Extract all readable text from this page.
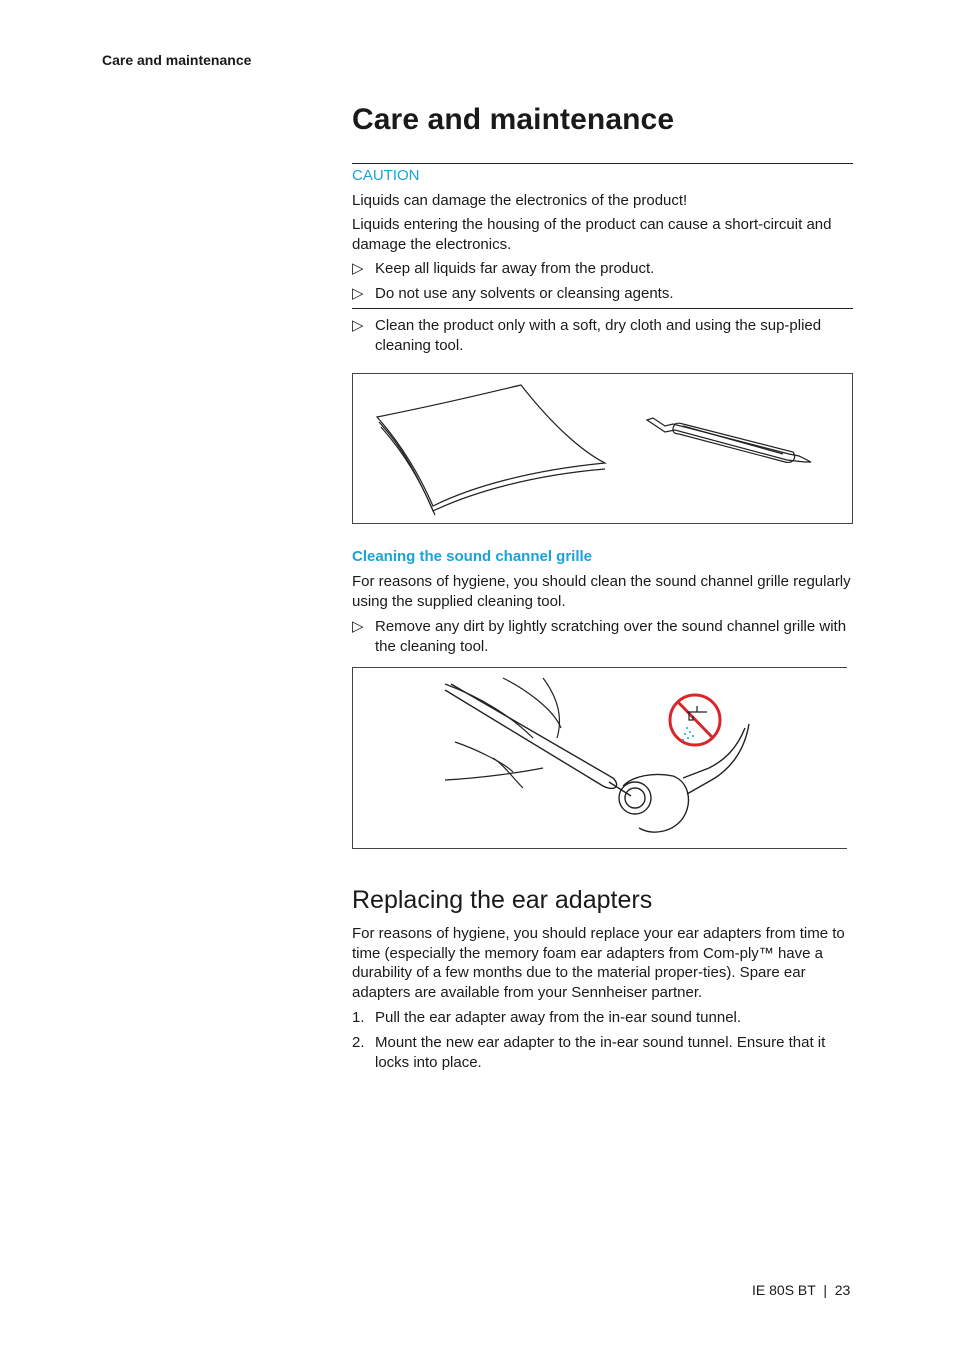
Care and maintenance
Care and maintenance
CAUTION

Liquids can damage the electronics of the product!

Liquids entering the housing of the product can cause a short-circuit and damage the electronics.

▷ Keep all liquids far away from the product.
▷ Do not use any solvents or cleansing agents.
▷ Clean the product only with a soft, dry cloth and using the sup-plied cleaning tool.
Cleaning the sound channel grille

For reasons of hygiene, you should clean the sound channel grille regularly using the supplied cleaning tool.

▷ Remove any dirt by lightly scratching over the sound channel grille with the cleaning tool.
Replacing the ear adapters

For reasons of hygiene, you should replace your ear adapters from time to time (especially the memory foam ear adapters from Com-ply™ have a durability of a few months due to the material proper-ties). Spare ear adapters are available from your Sennheiser partner.

1. Pull the ear adapter away from the in-ear sound tunnel.
2. Mount the new ear adapter to the in-ear sound tunnel. Ensure that it locks into place.
IE 80S BT  |  23
